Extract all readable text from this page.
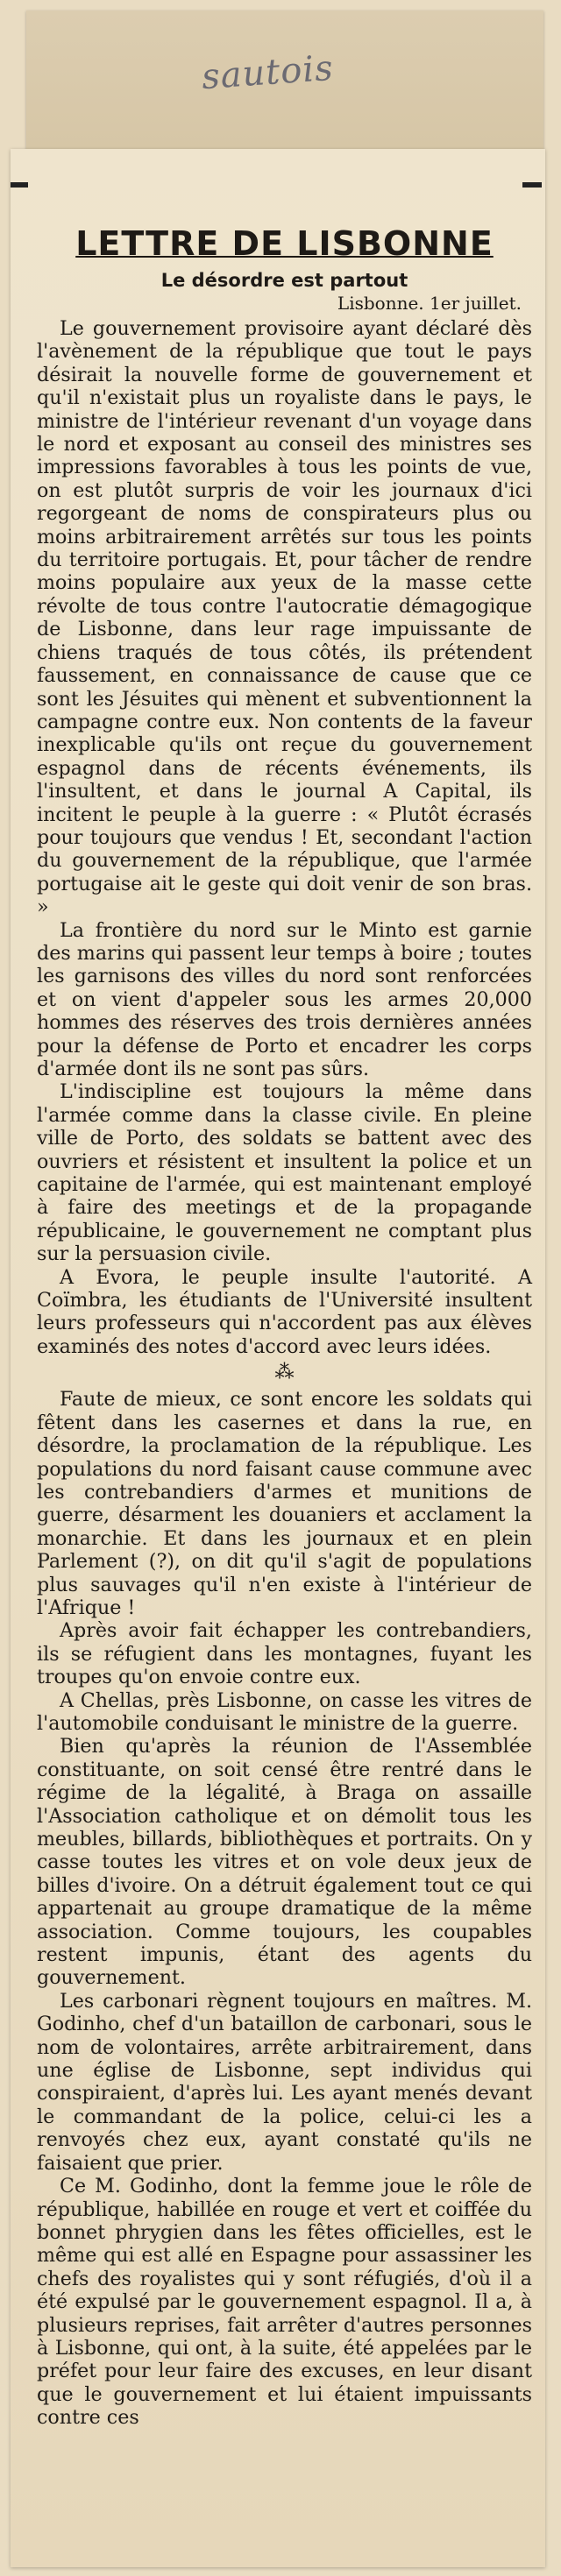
sautois
LETTRE DE LISBONNE
Le désordre est partout
Lisbonne. 1er juillet.

Le gouvernement provisoire ayant déclaré dès l'avènement de la république que tout le pays désirait la nouvelle forme de gouvernement et qu'il n'existait plus un royaliste dans le pays, le ministre de l'intérieur revenant d'un voyage dans le nord et exposant au conseil des ministres ses impressions favorables à tous les points de vue, on est plutôt surpris de voir les journaux d'ici regorgeant de noms de conspirateurs plus ou moins arbitrairement arrêtés sur tous les points du territoire portugais. Et, pour tâcher de rendre moins populaire aux yeux de la masse cette révolte de tous contre l'autocratie démagogique de Lisbonne, dans leur rage impuissante de chiens traqués de tous côtés, ils prétendent faussement, en connaissance de cause que ce sont les Jésuites qui mènent et subventionnent la campagne contre eux. Non contents de la faveur inexplicable qu'ils ont reçue du gouvernement espagnol dans de récents événements, ils l'insultent, et dans le journal A Capital, ils incitent le peuple à la guerre : « Plutôt écrasés pour toujours que vendus ! Et, secondant l'action du gouvernement de la république, que l'armée portugaise ait le geste qui doit venir de son bras. »

La frontière du nord sur le Minto est garnie des marins qui passent leur temps à boire ; toutes les garnisons des villes du nord sont renforcées et on vient d'appeler sous les armes 20,000 hommes des réserves des trois dernières années pour la défense de Porto et encadrer les corps d'armée dont ils ne sont pas sûrs.

L'indiscipline est toujours la même dans l'armée comme dans la classe civile. En pleine ville de Porto, des soldats se battent avec des ouvriers et résistent et insultent la police et un capitaine de l'armée, qui est maintenant employé à faire des meetings et de la propagande républicaine, le gouvernement ne comptant plus sur la persuasion civile.

A Evora, le peuple insulte l'autorité. A Coïmbra, les étudiants de l'Université insultent leurs professeurs qui n'accordent pas aux élèves examinés des notes d'accord avec leurs idées.

⁂

Faute de mieux, ce sont encore les soldats qui fêtent dans les casernes et dans la rue, en désordre, la proclamation de la république. Les populations du nord faisant cause commune avec les contrebandiers d'armes et munitions de guerre, désarment les douaniers et acclament la monarchie. Et dans les journaux et en plein Parlement (?), on dit qu'il s'agit de populations plus sauvages qu'il n'en existe à l'intérieur de l'Afrique !

Après avoir fait échapper les contrebandiers, ils se réfugient dans les montagnes, fuyant les troupes qu'on envoie contre eux.

A Chellas, près Lisbonne, on casse les vitres de l'automobile conduisant le ministre de la guerre.

Bien qu'après la réunion de l'Assemblée constituante, on soit censé être rentré dans le régime de la légalité, à Braga on assaille l'Association catholique et on démolit tous les meubles, billards, bibliothèques et portraits. On y casse toutes les vitres et on vole deux jeux de billes d'ivoire. On a détruit également tout ce qui appartenait au groupe dramatique de la même association. Comme toujours, les coupables restent impunis, étant des agents du gouvernement.

Les carbonari règnent toujours en maîtres. M. Godinho, chef d'un bataillon de carbonari, sous le nom de volontaires, arrête arbitrairement, dans une église de Lisbonne, sept individus qui conspiraient, d'après lui. Les ayant menés devant le commandant de la police, celui-ci les a renvoyés chez eux, ayant constaté qu'ils ne faisaient que prier.

Ce M. Godinho, dont la femme joue le rôle de république, habillée en rouge et vert et coiffée du bonnet phrygien dans les fêtes officielles, est le même qui est allé en Espagne pour assassiner les chefs des royalistes qui y sont réfugiés, d'où il a été expulsé par le gouvernement espagnol. Il a, à plusieurs reprises, fait arrêter d'autres personnes à Lisbonne, qui ont, à la suite, été appelées par le préfet pour leur faire des excuses, en leur disant que le gouvernement et lui étaient impuissants contre ces
